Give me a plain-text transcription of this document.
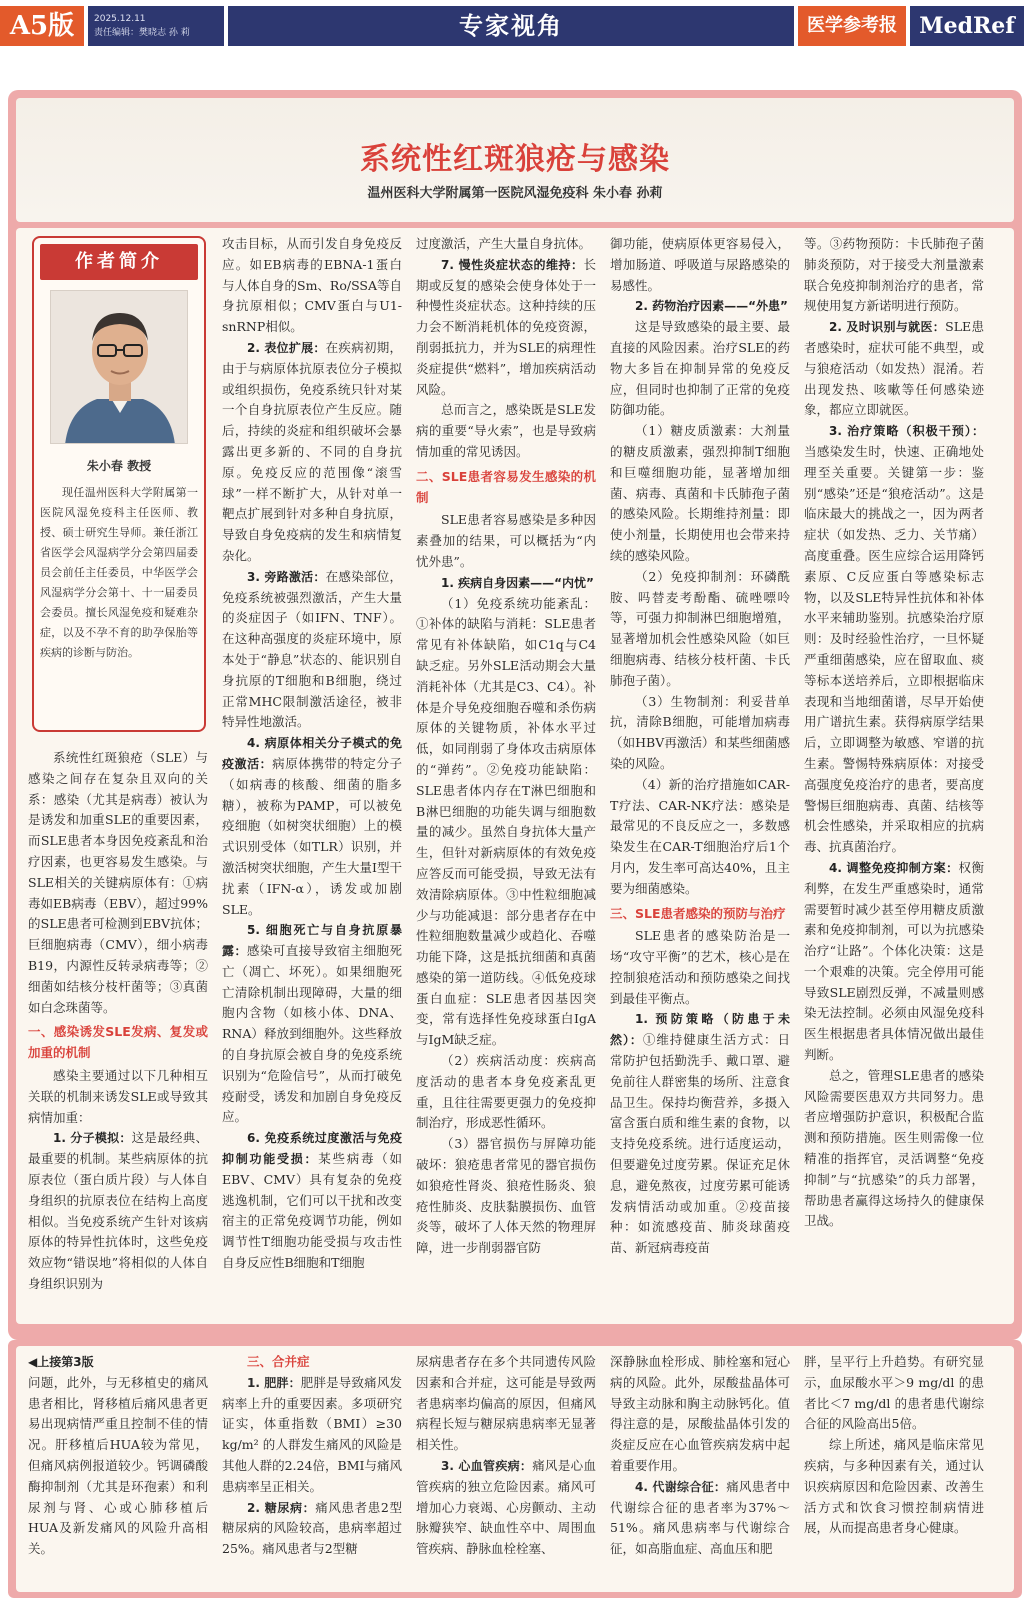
A5版	2025.12.11
责任编辑：樊晓志 孙 莉	专家视角	医学参考报	MedRef
系统性红斑狼疮与感染
温州医科大学附属第一医院风湿免疫科 朱小春 孙莉
作者简介
朱小春 教授
现任温州医科大学附属第一医院风湿免疫科主任医师、教授、硕士研究生导师。兼任浙江省医学会风湿病学分会第四届委员会前任主任委员，中华医学会风湿病学分会第十、十一届委员会委员。擅长风湿免疫和疑难杂症，以及不孕不育的助孕保胎等疾病的诊断与防治。

系统性红斑狼疮（SLE）与感染之间存在复杂且双向的关系：感染（尤其是病毒）被认为是诱发和加重SLE的重要因素，而SLE患者本身因免疫紊乱和治疗因素，也更容易发生感染。与SLE相关的关键病原体有：①病毒如EB病毒（EBV），超过99%的SLE患者可检测到EBV抗体；巨细胞病毒（CMV），细小病毒B19，内源性反转录病毒等；②细菌如结核分枝杆菌等；③真菌如白念珠菌等。

一、感染诱发SLE发病、复发或加重的机制

感染主要通过以下几种相互关联的机制来诱发SLE或导致其病情加重：

1. 分子模拟：这是最经典、最重要的机制。某些病原体的抗原表位（蛋白质片段）与人体自身组织的抗原表位在结构上高度相似。当免疫系统产生针对该病原体的特异性抗体时，这些免疫效应物“错误地”将相似的人体自身组织识别为

攻击目标，从而引发自身免疫反应。如EB病毒的EBNA-1蛋白与人体自身的Sm、Ro/SSA等自身抗原相似；CMV蛋白与U1-snRNP相似。

2. 表位扩展：在疾病初期，由于与病原体抗原表位分子模拟或组织损伤，免疫系统只针对某一个自身抗原表位产生反应。随后，持续的炎症和组织破坏会暴露出更多新的、不同的自身抗原。免疫反应的范围像“滚雪球”一样不断扩大，从针对单一靶点扩展到针对多种自身抗原，导致自身免疫病的发生和病情复杂化。

3. 旁路激活：在感染部位，免疫系统被强烈激活，产生大量的炎症因子（如IFN、TNF）。在这种高强度的炎症环境中，原本处于“静息”状态的、能识别自身抗原的T细胞和B细胞，绕过正常MHC限制激活途径，被非特异性地激活。

4. 病原体相关分子模式的免疫激活：病原体携带的特定分子（如病毒的核酸、细菌的脂多糖），被称为PAMP，可以被免疫细胞（如树突状细胞）上的模式识别受体（如TLR）识别，并激活树突状细胞，产生大量I型干扰素（IFN-α），诱发或加剧SLE。

5. 细胞死亡与自身抗原暴露：感染可直接导致宿主细胞死亡（凋亡、坏死）。如果细胞死亡清除机制出现障碍，大量的细胞内含物（如核小体、DNA、RNA）释放到细胞外。这些释放的自身抗原会被自身的免疫系统识别为“危险信号”，从而打破免疫耐受，诱发和加剧自身免疫反应。

6. 免疫系统过度激活与免疫抑制功能受损：某些病毒（如EBV、CMV）具有复杂的免疫逃逸机制，它们可以干扰和改变宿主的正常免疫调节功能，例如调节性T细胞功能受损与攻击性自身反应性B细胞和T细胞

过度激活，产生大量自身抗体。

7. 慢性炎症状态的维持：长期或反复的感染会使身体处于一种慢性炎症状态。这种持续的压力会不断消耗机体的免疫资源，削弱抵抗力，并为SLE的病理性炎症提供“燃料”，增加疾病活动风险。

总而言之，感染既是SLE发病的重要“导火索”，也是导致病情加重的常见诱因。

二、SLE患者容易发生感染的机制

SLE患者容易感染是多种因素叠加的结果，可以概括为“内忧外患”。

1. 疾病自身因素——“内忧”

（1）免疫系统功能紊乱：①补体的缺陷与消耗：SLE患者常见有补体缺陷，如C1q与C4缺乏症。另外SLE活动期会大量消耗补体（尤其是C3、C4）。补体是介导免疫细胞吞噬和杀伤病原体的关键物质，补体水平过低，如同削弱了身体攻击病原体的“弹药”。②免疫功能缺陷：SLE患者体内存在T淋巴细胞和B淋巴细胞的功能失调与细胞数量的减少。虽然自身抗体大量产生，但针对新病原体的有效免疫应答反而可能受损，导致无法有效清除病原体。③中性粒细胞减少与功能减退：部分患者存在中性粒细胞数量减少或趋化、吞噬功能下降，这是抵抗细菌和真菌感染的第一道防线。④低免疫球蛋白血症：SLE患者因基因突变，常有选择性免疫球蛋白IgA与IgM缺乏症。

（2）疾病活动度：疾病高度活动的患者本身免疫紊乱更重，且往往需要更强力的免疫抑制治疗，形成恶性循环。

（3）器官损伤与屏障功能破坏：狼疮患者常见的器官损伤如狼疮性肾炎、狼疮性肠炎、狼疮性肺炎、皮肤黏膜损伤、血管炎等，破坏了人体天然的物理屏障，进一步削弱器官防

御功能，使病原体更容易侵入，增加肠道、呼吸道与尿路感染的易感性。

2. 药物治疗因素——“外患”

这是导致感染的最主要、最直接的风险因素。治疗SLE的药物大多旨在抑制异常的免疫反应，但同时也抑制了正常的免疫防御功能。

（1）糖皮质激素：大剂量的糖皮质激素，强烈抑制T细胞和巨噬细胞功能，显著增加细菌、病毒、真菌和卡氏肺孢子菌的感染风险。长期维持剂量：即使小剂量，长期使用也会带来持续的感染风险。

（2）免疫抑制剂：环磷酰胺、吗替麦考酚酯、硫唑嘌呤等，可强力抑制淋巴细胞增殖，显著增加机会性感染风险（如巨细胞病毒、结核分枝杆菌、卡氏肺孢子菌）。

（3）生物制剂：利妥昔单抗，清除B细胞，可能增加病毒（如HBV再激活）和某些细菌感染的风险。

（4）新的治疗措施如CAR-T疗法、CAR-NK疗法：感染是最常见的不良反应之一，多数感染发生在CAR-T细胞治疗后1个月内，发生率可高达40%，且主要为细菌感染。

三、SLE患者感染的预防与治疗

SLE患者的感染防治是一场“攻守平衡”的艺术，核心是在控制狼疮活动和预防感染之间找到最佳平衡点。

1. 预防策略（防患于未然）：①维持健康生活方式：日常防护包括勤洗手、戴口罩、避免前往人群密集的场所、注意食品卫生。保持均衡营养，多摄入富含蛋白质和维生素的食物，以支持免疫系统。进行适度运动，但要避免过度劳累。保证充足休息，避免熬夜，过度劳累可能诱发病情活动或加重。②疫苗接种：如流感疫苗、肺炎球菌疫苗、新冠病毒疫苗

等。③药物预防：卡氏肺孢子菌肺炎预防，对于接受大剂量激素联合免疫抑制剂治疗的患者，常规使用复方新诺明进行预防。

2. 及时识别与就医：SLE患者感染时，症状可能不典型，或与狼疮活动（如发热）混淆。若出现发热、咳嗽等任何感染迹象，都应立即就医。

3. 治疗策略（积极干预）：当感染发生时，快速、正确地处理至关重要。关键第一步：鉴别“感染”还是“狼疮活动”。这是临床最大的挑战之一，因为两者症状（如发热、乏力、关节痛）高度重叠。医生应综合运用降钙素原、C反应蛋白等感染标志物，以及SLE特异性抗体和补体水平来辅助鉴别。抗感染治疗原则：及时经验性治疗，一旦怀疑严重细菌感染，应在留取血、痰等标本送培养后，立即根据临床表现和当地细菌谱，尽早开始使用广谱抗生素。获得病原学结果后，立即调整为敏感、窄谱的抗生素。警惕特殊病原体：对接受高强度免疫治疗的患者，要高度警惕巨细胞病毒、真菌、结核等机会性感染，并采取相应的抗病毒、抗真菌治疗。

4. 调整免疫抑制方案：权衡利弊，在发生严重感染时，通常需要暂时减少甚至停用糖皮质激素和免疫抑制剂，可以为抗感染治疗“让路”。个体化决策：这是一个艰难的决策。完全停用可能导致SLE剧烈反弹，不减量则感染无法控制。必须由风湿免疫科医生根据患者具体情况做出最佳判断。

总之，管理SLE患者的感染风险需要医患双方共同努力。患者应增强防护意识，积极配合监测和预防措施。医生则需像一位精准的指挥官，灵活调整“免疫抑制”与“抗感染”的兵力部署，帮助患者赢得这场持久的健康保卫战。

◀上接第3版

问题，此外，与无移植史的痛风患者相比，肾移植后痛风患者更易出现病情严重且控制不佳的情况。肝移植后HUA较为常见，但痛风病例报道较少。钙调磷酸酶抑制剂（尤其是环孢素）和利尿剂与肾、心或心肺移植后HUA及新发痛风的风险升高相关。

三、合并症

1. 肥胖：肥胖是导致痛风发病率上升的重要因素。多项研究证实，体重指数（BMI）≥30 kg/m² 的人群发生痛风的风险是其他人群的2.24倍，BMI与痛风患病率呈正相关。

2. 糖尿病：痛风患者患2型糖尿病的风险较高，患病率超过25%。痛风患者与2型糖

尿病患者存在多个共同遗传风险因素和合并症，这可能是导致两者患病率均偏高的原因，但痛风病程长短与糖尿病患病率无显著相关性。

3. 心血管疾病：痛风是心血管疾病的独立危险因素。痛风可增加心力衰竭、心房颤动、主动脉瓣狭窄、缺血性卒中、周围血管疾病、静脉血栓栓塞、

深静脉血栓形成、肺栓塞和冠心病的风险。此外，尿酸盐晶体可导致主动脉和胸主动脉钙化。值得注意的是，尿酸盐晶体引发的炎症反应在心血管疾病发病中起着重要作用。

4. 代谢综合征：痛风患者中代谢综合征的患者率为37%～51%。痛风患病率与代谢综合征，如高脂血症、高血压和肥

胖，呈平行上升趋势。有研究显示，血尿酸水平＞9 mg/dl 的患者比＜7 mg/dl 的患者患代谢综合征的风险高出5倍。

综上所述，痛风是临床常见疾病，与多种因素有关，通过认识疾病原因和危险因素、改善生活方式和饮食习惯控制病情进展，从而提高患者身心健康。
